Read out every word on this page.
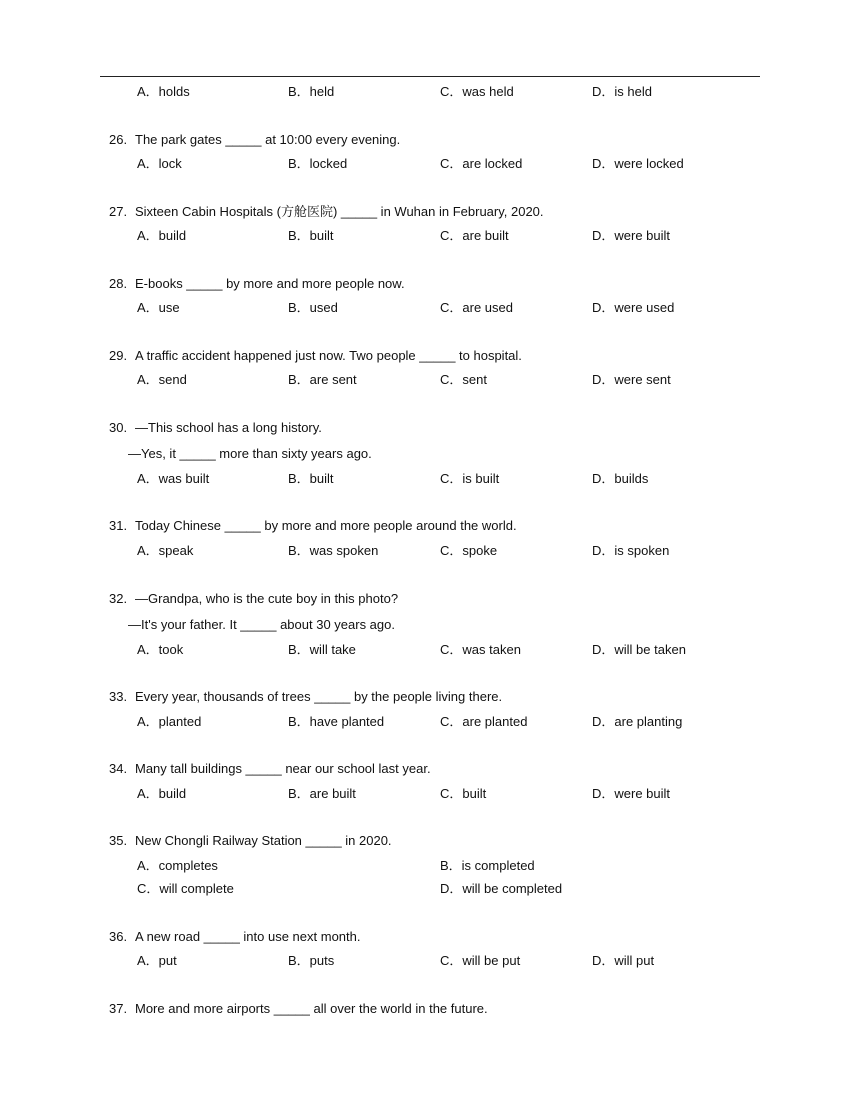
A．holds	B．held	C．was held	D．is held
26. The park gates _____ at 10:00 every evening.
A．lock	B．locked	C．are locked	D．were locked
27. Sixteen Cabin Hospitals (方舱医院) _____ in Wuhan in February, 2020.
A．build	B．built	C．are built	D．were built
28. E-books _____ by more and more people now.
A．use	B．used	C．are used	D．were used
29. A traffic accident happened just now. Two people _____ to hospital.
A．send	B．are sent	C．sent	D．were sent
30. —This school has a long history.
—Yes, it _____ more than sixty years ago.
A．was built	B．built	C．is built	D．builds
31. Today Chinese _____ by more and more people around the world.
A．speak	B．was spoken	C．spoke	D．is spoken
32. —Grandpa, who is the cute boy in this photo?
—It's your father. It _____ about 30 years ago.
A．took	B．will take	C．was taken	D．will be taken
33. Every year, thousands of trees _____ by the people living there.
A．planted	B．have planted	C．are planted	D．are planting
34. Many tall buildings _____ near our school last year.
A．build	B．are built	C．built	D．were built
35. New Chongli Railway Station _____ in 2020.
A．completes	B．is completed
C．will complete	D．will be completed
36. A new road _____ into use next month.
A．put	B．puts	C．will be put	D．will put
37. More and more airports _____ all over the world in the future.
